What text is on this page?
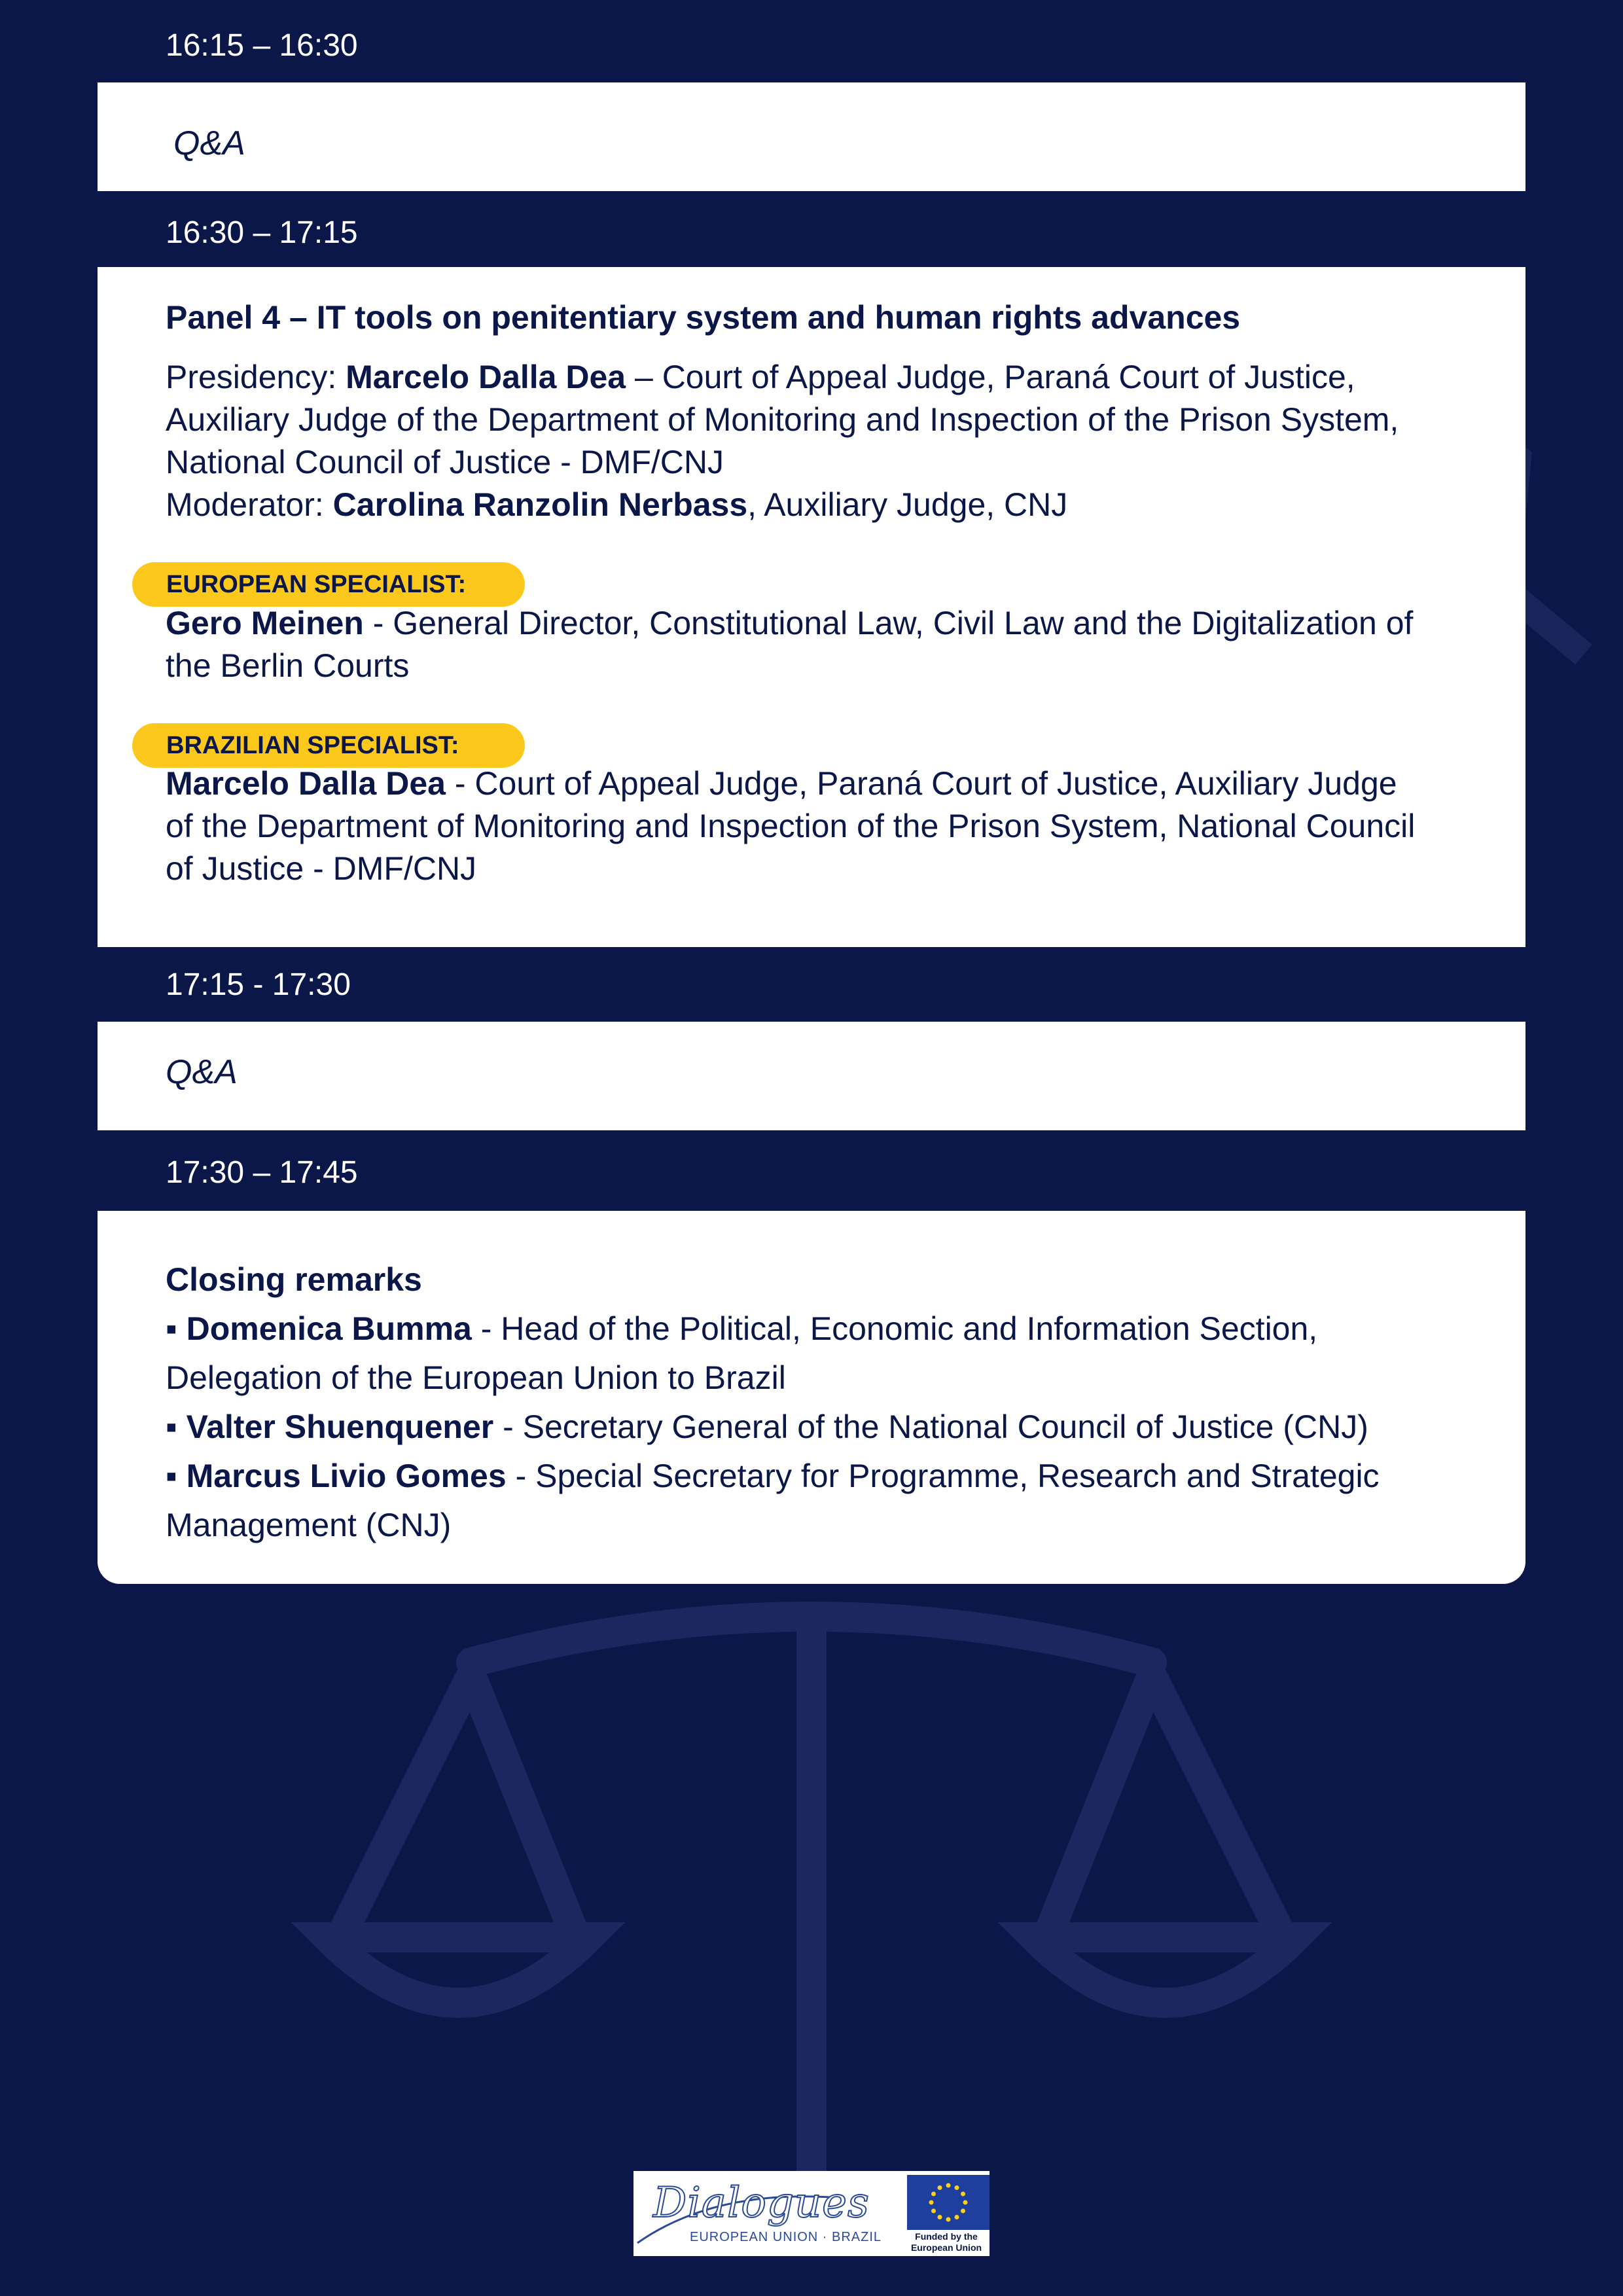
16:15 – 16:30
Q&A
16:30 – 17:15

Panel 4 – IT tools on penitentiary system and human rights advances

Presidency: Marcelo Dalla Dea – Court of Appeal Judge, Paraná Court of Justice,

Auxiliary Judge of the Department of Monitoring and Inspection of the Prison System,

National Council of Justice - DMF/CNJ

Moderator: Carolina Ranzolin Nerbass, Auxiliary Judge, CNJ

EUROPEAN SPECIALIST:

Gero Meinen - General Director, Constitutional Law, Civil Law and the Digitalization of

the Berlin Courts

BRAZILIAN SPECIALIST:

Marcelo Dalla Dea - Court of Appeal Judge, Paraná Court of Justice, Auxiliary Judge

of the Department of Monitoring and Inspection of the Prison System, National Council

of Justice - DMF/CNJ

17:15 - 17:30
Q&A
17:30 – 17:45

Closing remarks

▪ Domenica Bumma - Head of the Political, Economic and Information Section,

Delegation of the European Union to Brazil

▪ Valter Shuenquener - Secretary General of the National Council of Justice (CNJ)

▪ Marcus Livio Gomes - Special Secretary for Programme, Research and Strategic

Management (CNJ)

Dialogues
EUROPEAN UNION · BRAZIL	Funded by the European Union
